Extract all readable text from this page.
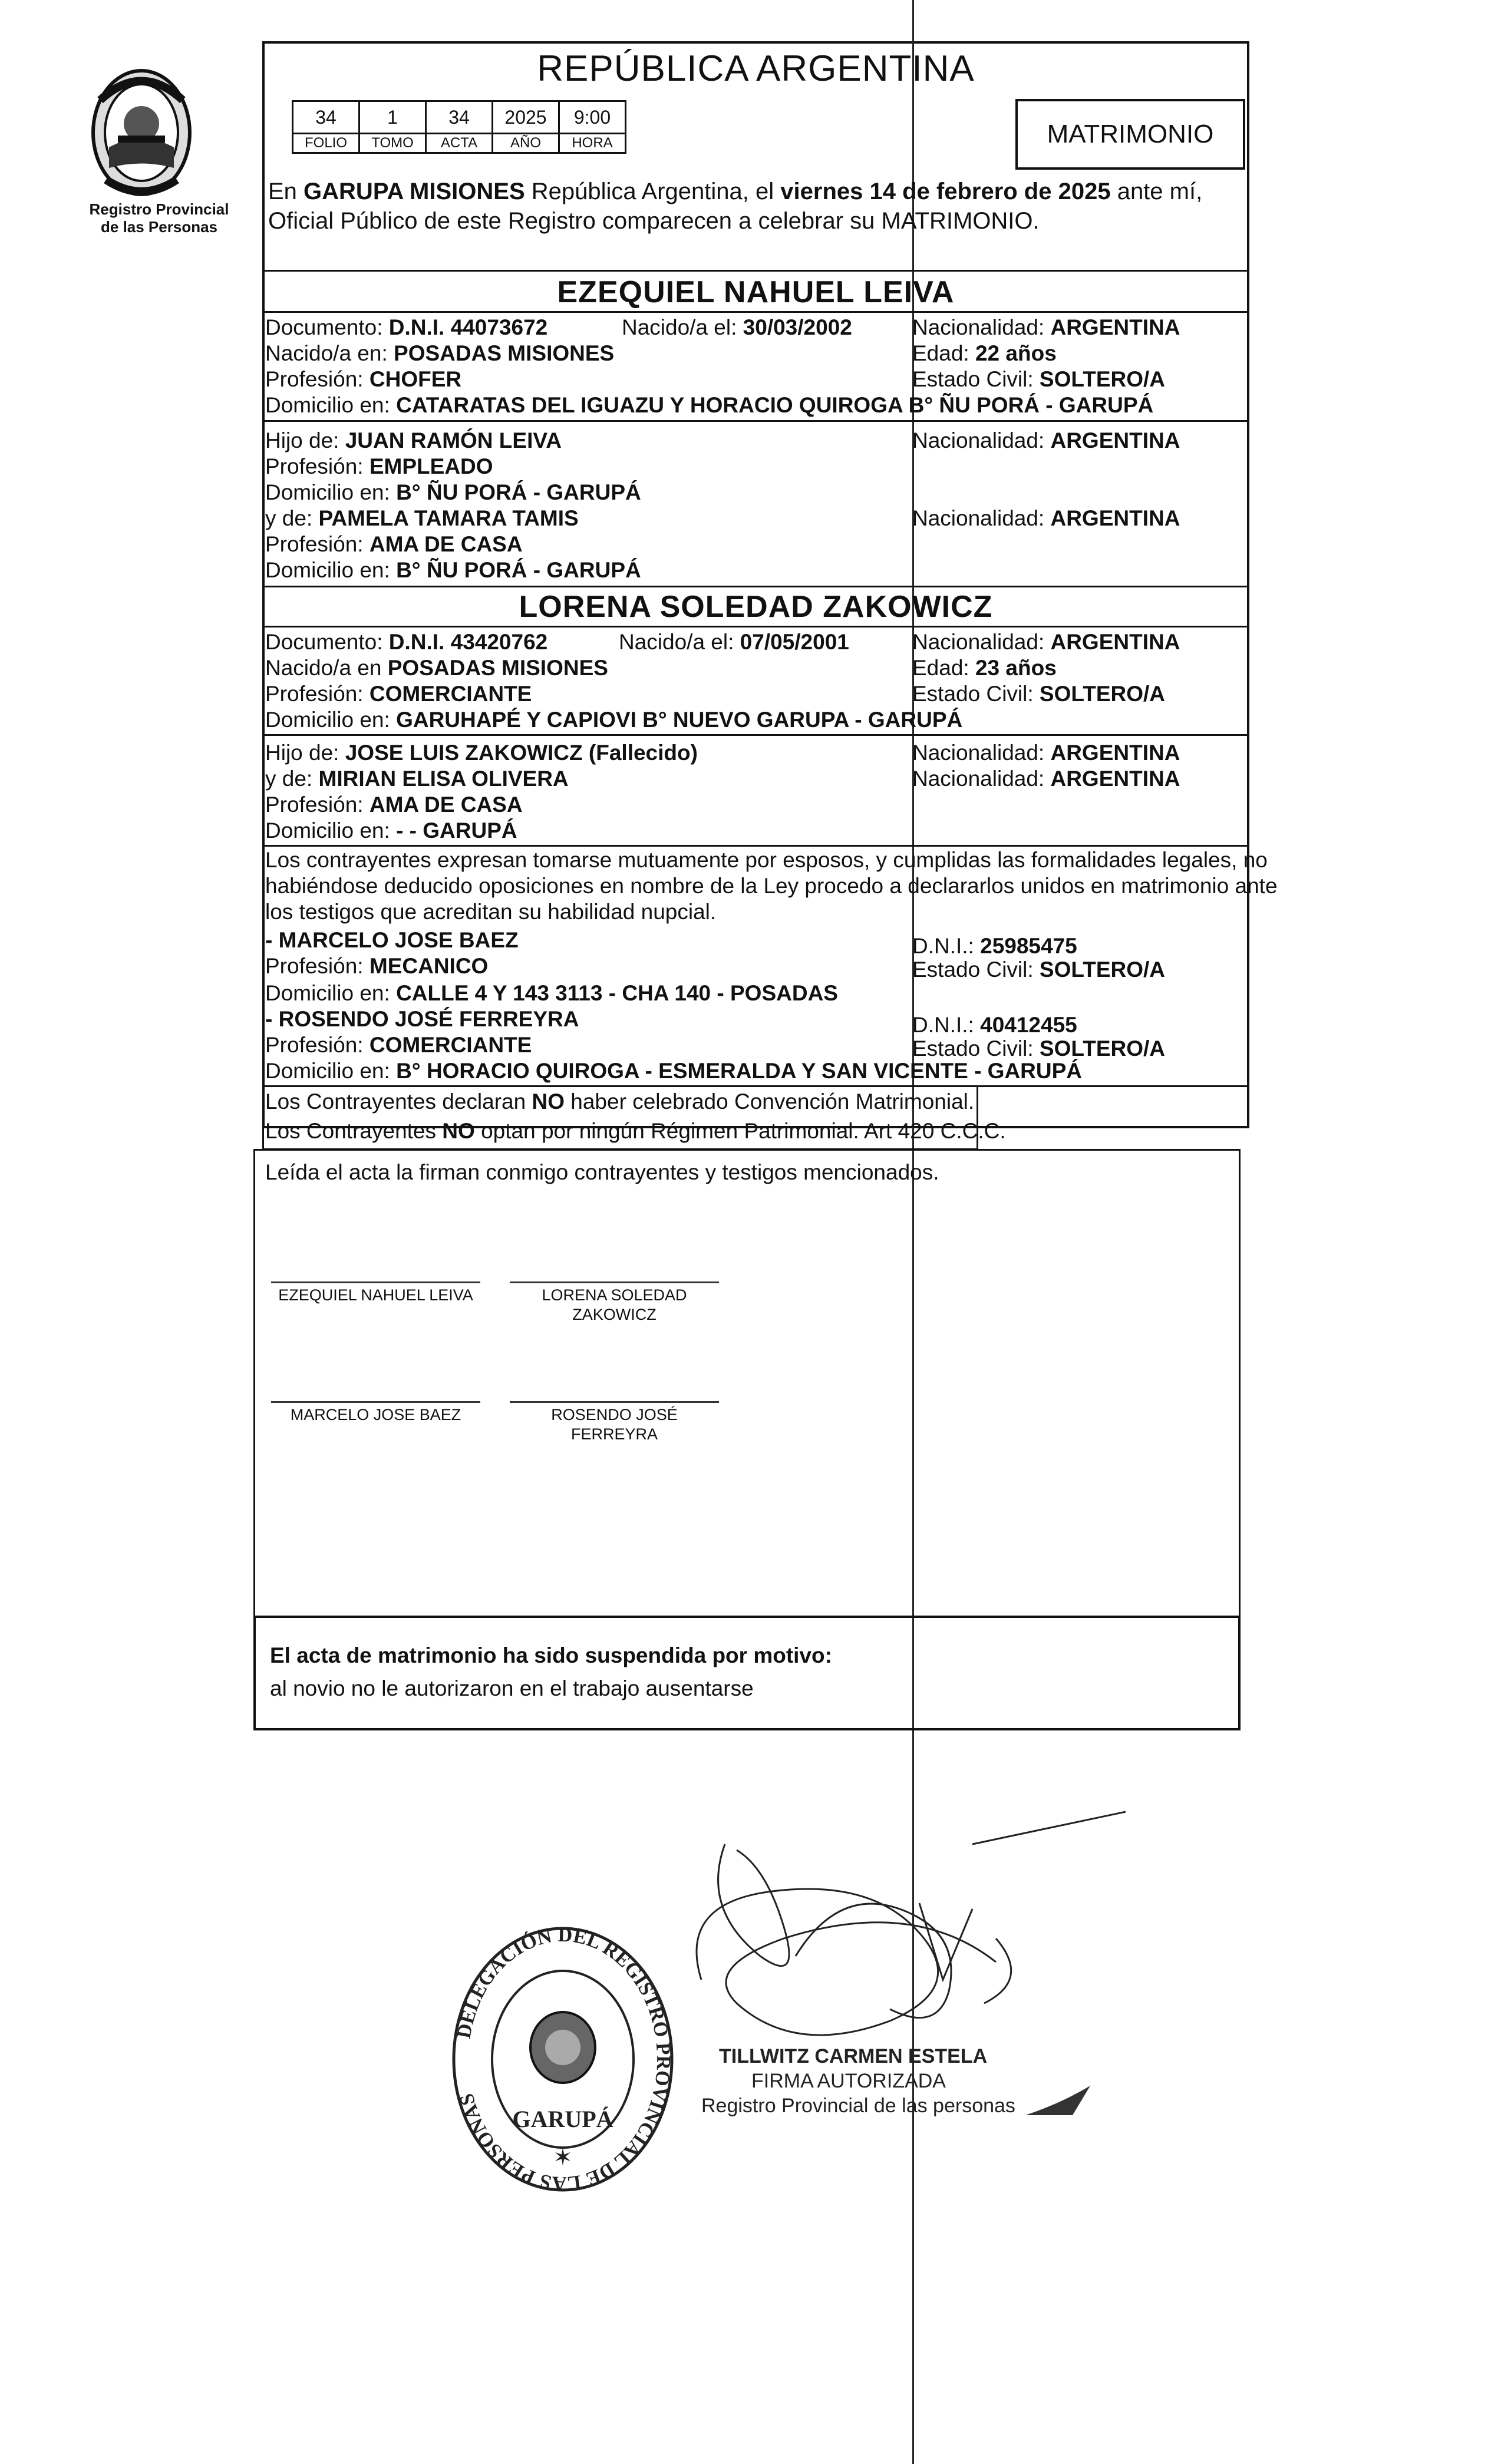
Registro Provincial
de las Personas
REPÚBLICA ARGENTINA
34	1	34	2025	9:00
FOLIO	TOMO	ACTA	AÑO	HORA	MATRIMONIO
En GARUPA MISIONES República Argentina, el viernes 14 de febrero de 2025 ante mí,
Oficial Público de este Registro comparecen a celebrar su MATRIMONIO.
EZEQUIEL NAHUEL LEIVA
Documento: D.N.I. 44073672	Nacido/a el: 30/03/2002	Nacionalidad: ARGENTINA
Nacido/a en: POSADAS MISIONES	Edad: 22 años
Profesión: CHOFER	Estado Civil: SOLTERO/A
Domicilio en: CATARATAS DEL IGUAZU Y HORACIO QUIROGA B° ÑU PORÁ - GARUPÁ
Hijo de: JUAN RAMÓN LEIVA	Nacionalidad: ARGENTINA
Profesión: EMPLEADO
Domicilio en: B° ÑU PORÁ - GARUPÁ
y de: PAMELA TAMARA TAMIS	Nacionalidad: ARGENTINA
Profesión: AMA DE CASA
Domicilio en: B° ÑU PORÁ - GARUPÁ
LORENA SOLEDAD ZAKOWICZ
Documento: D.N.I. 43420762	Nacido/a el: 07/05/2001	Nacionalidad: ARGENTINA
Nacido/a en POSADAS MISIONES	Edad: 23 años
Profesión: COMERCIANTE	Estado Civil: SOLTERO/A
Domicilio en: GARUHAPÉ Y CAPIOVI B° NUEVO GARUPA - GARUPÁ
Hijo de: JOSE LUIS ZAKOWICZ (Fallecido)	Nacionalidad: ARGENTINA
y de: MIRIAN ELISA OLIVERA	Nacionalidad: ARGENTINA
Profesión: AMA DE CASA
Domicilio en: - - GARUPÁ
Los contrayentes expresan tomarse mutuamente por esposos, y cumplidas las formalidades legales, no
habiéndose deducido oposiciones en nombre de la Ley procedo a declararlos unidos en matrimonio ante
los testigos que acreditan su habilidad nupcial.
- MARCELO JOSE BAEZ	D.N.I.: 25985475
Profesión: MECANICO	Estado Civil: SOLTERO/A
Domicilio en: CALLE 4 Y 143 3113 - CHA 140 - POSADAS
- ROSENDO JOSÉ FERREYRA	D.N.I.: 40412455
Profesión: COMERCIANTE	Estado Civil: SOLTERO/A
Domicilio en: B° HORACIO QUIROGA - ESMERALDA Y SAN VICENTE - GARUPÁ
Los Contrayentes declaran NO haber celebrado Convención Matrimonial.
Los Contrayentes NO optan por ningún Régimen Patrimonial. Art 420 C.C.C.
Leída el acta la firman conmigo contrayentes y testigos mencionados.
EZEQUIEL NAHUEL LEIVA	LORENA SOLEDAD
ZAKOWICZ
MARCELO JOSE BAEZ	ROSENDO JOSÉ
FERREYRA
El acta de matrimonio ha sido suspendida por motivo:
al novio no le autorizaron en el trabajo ausentarse
DELEGACIÓN DEL REGISTRO PROVINCIAL DE LAS PERSONAS
GARUPÁ
✶
TILLWITZ CARMEN ESTELA
FIRMA AUTORIZADA
Registro Provincial de las personas
